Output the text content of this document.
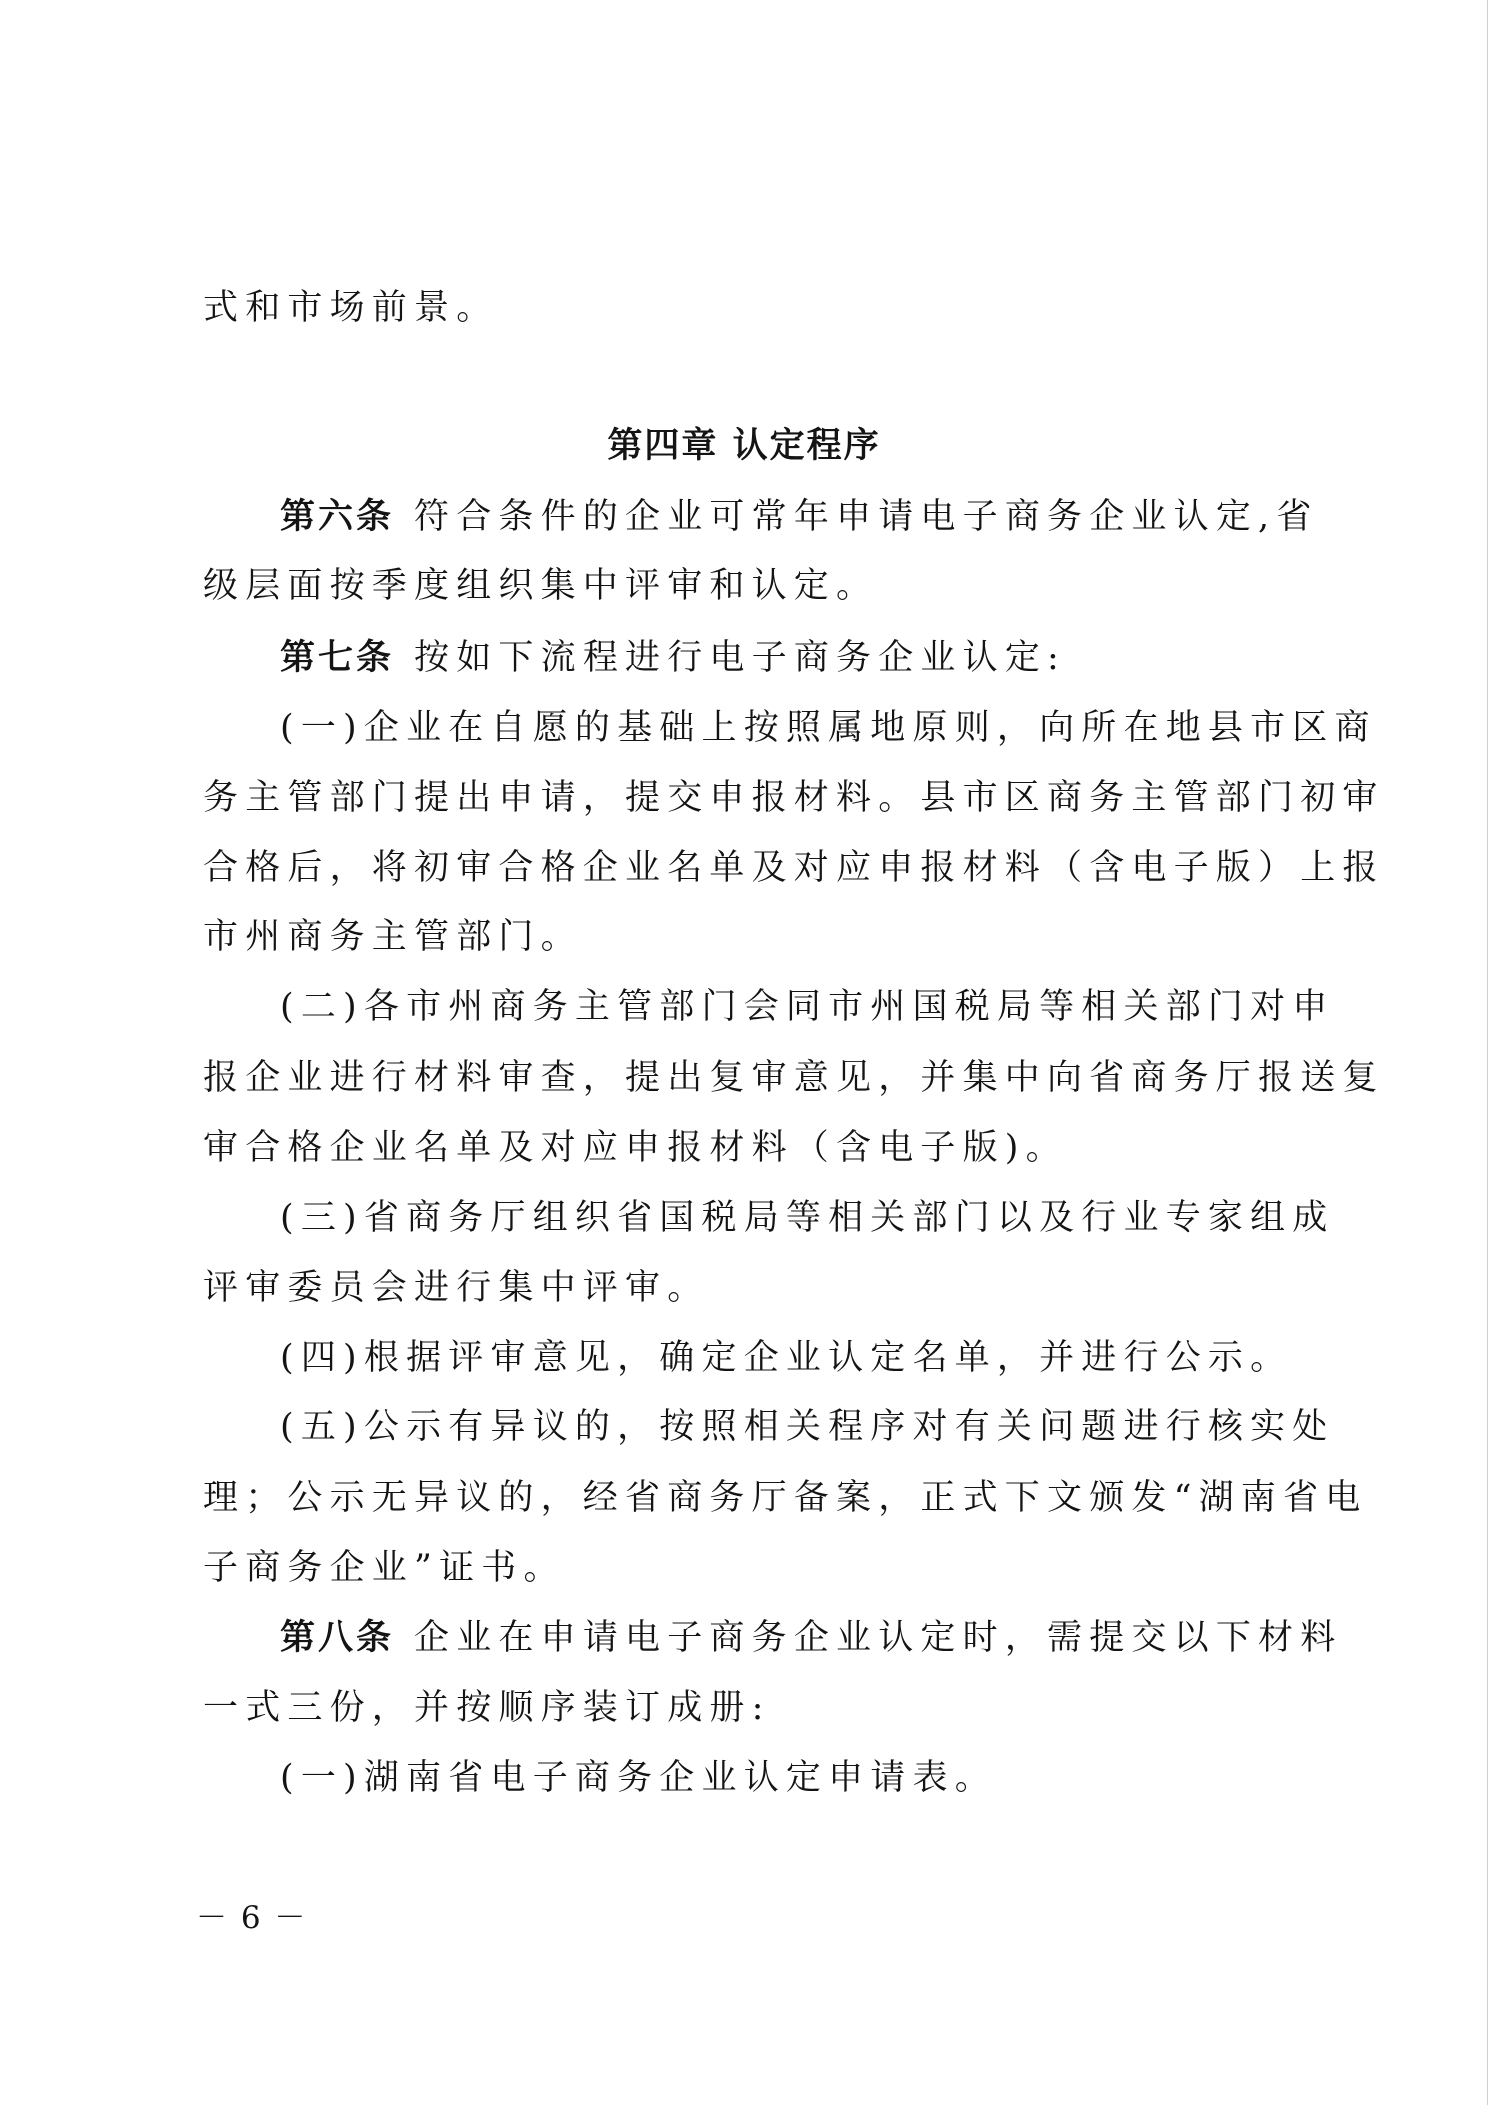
式和市场前景。
第四章 认定程序
第六条 符合条件的企业可常年申请电子商务企业认定,省
级层面按季度组织集中评审和认定。
第七条 按如下流程进行电子商务企业认定:
(一)企业在自愿的基础上按照属地原则，向所在地县市区商
务主管部门提出申请，提交申报材料。县市区商务主管部门初审
合格后，将初审合格企业名单及对应申报材料（含电子版）上报
市州商务主管部门。
(二)各市州商务主管部门会同市州国税局等相关部门对申
报企业进行材料审查，提出复审意见，并集中向省商务厅报送复
审合格企业名单及对应申报材料（含电子版)。
(三)省商务厅组织省国税局等相关部门以及行业专家组成
评审委员会进行集中评审。
(四)根据评审意见，确定企业认定名单，并进行公示。
(五)公示有异议的，按照相关程序对有关问题进行核实处
理；公示无异议的，经省商务厅备案，正式下文颁发“湖南省电
子商务企业”证书。
第八条 企业在申请电子商务企业认定时，需提交以下材料
一式三份，并按顺序装订成册:
(一)湖南省电子商务企业认定申请表。
－ 6 －
